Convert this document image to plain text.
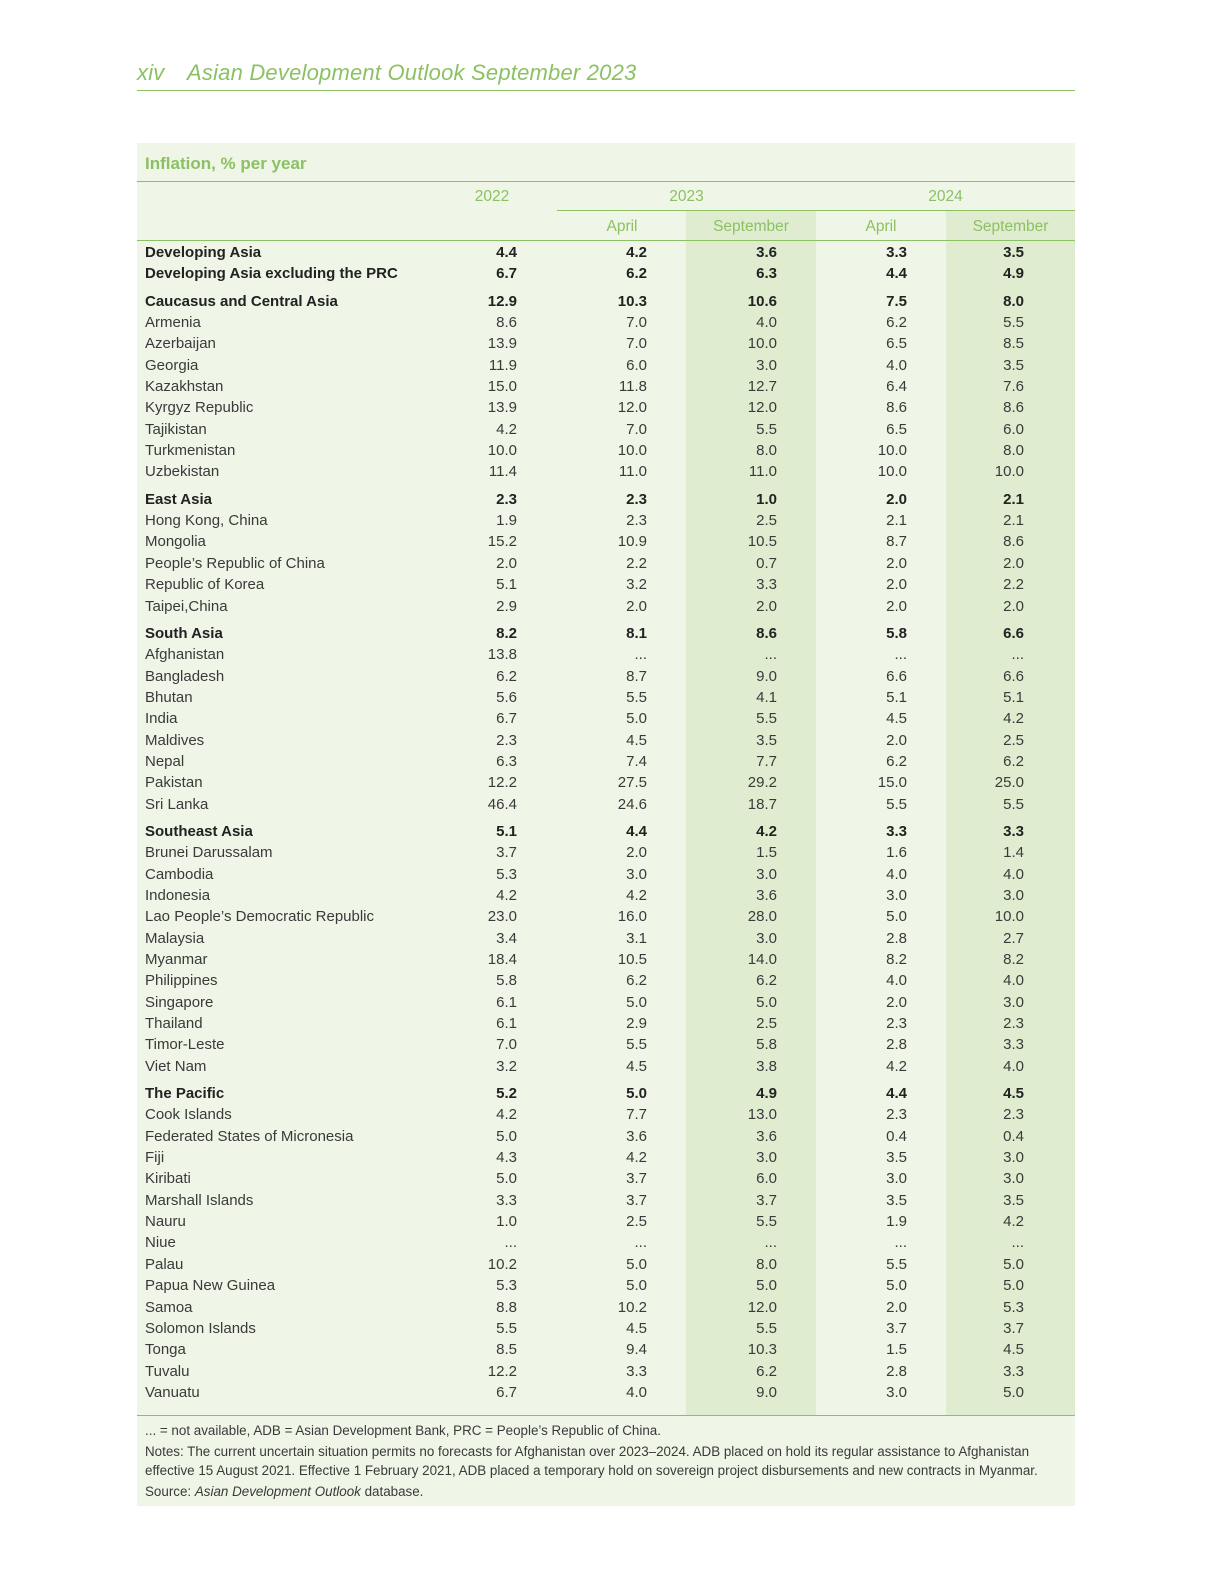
xiv Asian Development Outlook September 2023
Inflation, % per year
2022	2023	2024
April	September	April	September
Developing Asia	4.4	4.2	3.6	3.3	3.5
Developing Asia excluding the PRC	6.7	6.2	6.3	4.4	4.9
Caucasus and Central Asia	12.9	10.3	10.6	7.5	8.0
Armenia	8.6	7.0	4.0	6.2	5.5
Azerbaijan	13.9	7.0	10.0	6.5	8.5
Georgia	11.9	6.0	3.0	4.0	3.5
Kazakhstan	15.0	11.8	12.7	6.4	7.6
Kyrgyz Republic	13.9	12.0	12.0	8.6	8.6
Tajikistan	4.2	7.0	5.5	6.5	6.0
Turkmenistan	10.0	10.0	8.0	10.0	8.0
Uzbekistan	11.4	11.0	11.0	10.0	10.0
East Asia	2.3	2.3	1.0	2.0	2.1
Hong Kong, China	1.9	2.3	2.5	2.1	2.1
Mongolia	15.2	10.9	10.5	8.7	8.6
People’s Republic of China	2.0	2.2	0.7	2.0	2.0
Republic of Korea	5.1	3.2	3.3	2.0	2.2
Taipei,China	2.9	2.0	2.0	2.0	2.0
South Asia	8.2	8.1	8.6	5.8	6.6
Afghanistan	13.8	...	...	...	...
Bangladesh	6.2	8.7	9.0	6.6	6.6
Bhutan	5.6	5.5	4.1	5.1	5.1
India	6.7	5.0	5.5	4.5	4.2
Maldives	2.3	4.5	3.5	2.0	2.5
Nepal	6.3	7.4	7.7	6.2	6.2
Pakistan	12.2	27.5	29.2	15.0	25.0
Sri Lanka	46.4	24.6	18.7	5.5	5.5
Southeast Asia	5.1	4.4	4.2	3.3	3.3
Brunei Darussalam	3.7	2.0	1.5	1.6	1.4
Cambodia	5.3	3.0	3.0	4.0	4.0
Indonesia	4.2	4.2	3.6	3.0	3.0
Lao People’s Democratic Republic	23.0	16.0	28.0	5.0	10.0
Malaysia	3.4	3.1	3.0	2.8	2.7
Myanmar	18.4	10.5	14.0	8.2	8.2
Philippines	5.8	6.2	6.2	4.0	4.0
Singapore	6.1	5.0	5.0	2.0	3.0
Thailand	6.1	2.9	2.5	2.3	2.3
Timor-Leste	7.0	5.5	5.8	2.8	3.3
Viet Nam	3.2	4.5	3.8	4.2	4.0
The Pacific	5.2	5.0	4.9	4.4	4.5
Cook Islands	4.2	7.7	13.0	2.3	2.3
Federated States of Micronesia	5.0	3.6	3.6	0.4	0.4
Fiji	4.3	4.2	3.0	3.5	3.0
Kiribati	5.0	3.7	6.0	3.0	3.0
Marshall Islands	3.3	3.7	3.7	3.5	3.5
Nauru	1.0	2.5	5.5	1.9	4.2
Niue	...	...	...	...	...
Palau	10.2	5.0	8.0	5.5	5.0
Papua New Guinea	5.3	5.0	5.0	5.0	5.0
Samoa	8.8	10.2	12.0	2.0	5.3
Solomon Islands	5.5	4.5	5.5	3.7	3.7
Tonga	8.5	9.4	10.3	1.5	4.5
Tuvalu	12.2	3.3	6.2	2.8	3.3
Vanuatu	6.7	4.0	9.0	3.0	5.0

... = not available, ADB = Asian Development Bank, PRC = People’s Republic of China.

Notes: The current uncertain situation permits no forecasts for Afghanistan over 2023–2024. ADB placed on hold its regular assistance to Afghanistan effective 15 August 2021. Effective 1 February 2021, ADB placed a temporary hold on sovereign project disbursements and new contracts in Myanmar.

Source: Asian Development Outlook database.
